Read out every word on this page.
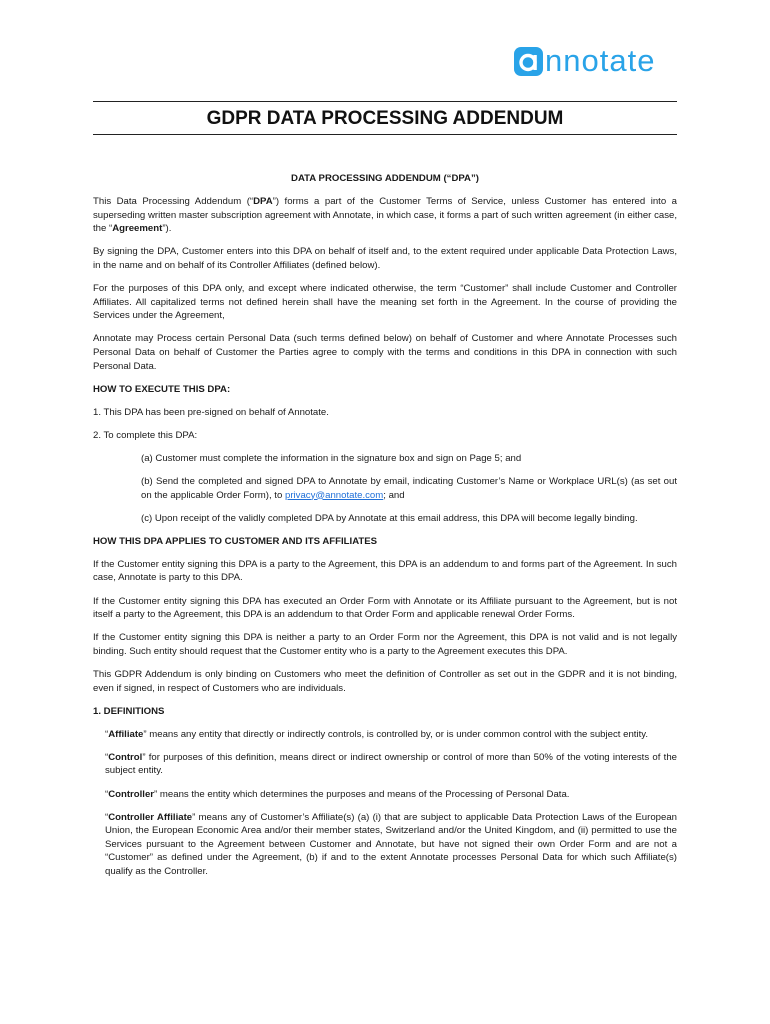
nnotate
GDPR DATA PROCESSING ADDENDUM

DATA PROCESSING ADDENDUM (“DPA”)

This Data Processing Addendum (“DPA”) forms a part of the Customer Terms of Service, unless Customer has entered into a superseding written master subscription agreement with Annotate, in which case, it forms a part of such written agreement (in either case, the “Agreement”).

By signing the DPA, Customer enters into this DPA on behalf of itself and, to the extent required under applicable Data Protection Laws, in the name and on behalf of its Controller Affiliates (defined below).

For the purposes of this DPA only, and except where indicated otherwise, the term “Customer” shall include Customer and Controller Affiliates. All capitalized terms not defined herein shall have the meaning set forth in the Agreement. In the course of providing the Services under the Agreement,

Annotate may Process certain Personal Data (such terms defined below) on behalf of Customer and where Annotate Processes such Personal Data on behalf of Customer the Parties agree to comply with the terms and conditions in this DPA in connection with such Personal Data.

HOW TO EXECUTE THIS DPA:

1. This DPA has been pre-signed on behalf of Annotate.

2. To complete this DPA:

(a) Customer must complete the information in the signature box and sign on Page 5; and

(b) Send the completed and signed DPA to Annotate by email, indicating Customer’s Name or Workplace URL(s) (as set out on the applicable Order Form), to privacy@annotate.com; and

(c) Upon receipt of the validly completed DPA by Annotate at this email address, this DPA will become legally binding.

HOW THIS DPA APPLIES TO CUSTOMER AND ITS AFFILIATES

If the Customer entity signing this DPA is a party to the Agreement, this DPA is an addendum to and forms part of the Agreement. In such case, Annotate is party to this DPA.

If the Customer entity signing this DPA has executed an Order Form with Annotate or its Affiliate pursuant to the Agreement, but is not itself a party to the Agreement, this DPA is an addendum to that Order Form and applicable renewal Order Forms.

If the Customer entity signing this DPA is neither a party to an Order Form nor the Agreement, this DPA is not valid and is not legally binding. Such entity should request that the Customer entity who is a party to the Agreement executes this DPA.

This GDPR Addendum is only binding on Customers who meet the definition of Controller as set out in the GDPR and it is not binding, even if signed, in respect of Customers who are individuals.

1. DEFINITIONS

“Affiliate” means any entity that directly or indirectly controls, is controlled by, or is under common control with the subject entity.

“Control” for purposes of this definition, means direct or indirect ownership or control of more than 50% of the voting interests of the subject entity.

“Controller” means the entity which determines the purposes and means of the Processing of Personal Data.

“Controller Affiliate” means any of Customer’s Affiliate(s) (a) (i) that are subject to applicable Data Protection Laws of the European Union, the European Economic Area and/or their member states, Switzerland and/or the United Kingdom, and (ii) permitted to use the Services pursuant to the Agreement between Customer and Annotate, but have not signed their own Order Form and are not a “Customer” as defined under the Agreement, (b) if and to the extent Annotate processes Personal Data for which such Affiliate(s) qualify as the Controller.
